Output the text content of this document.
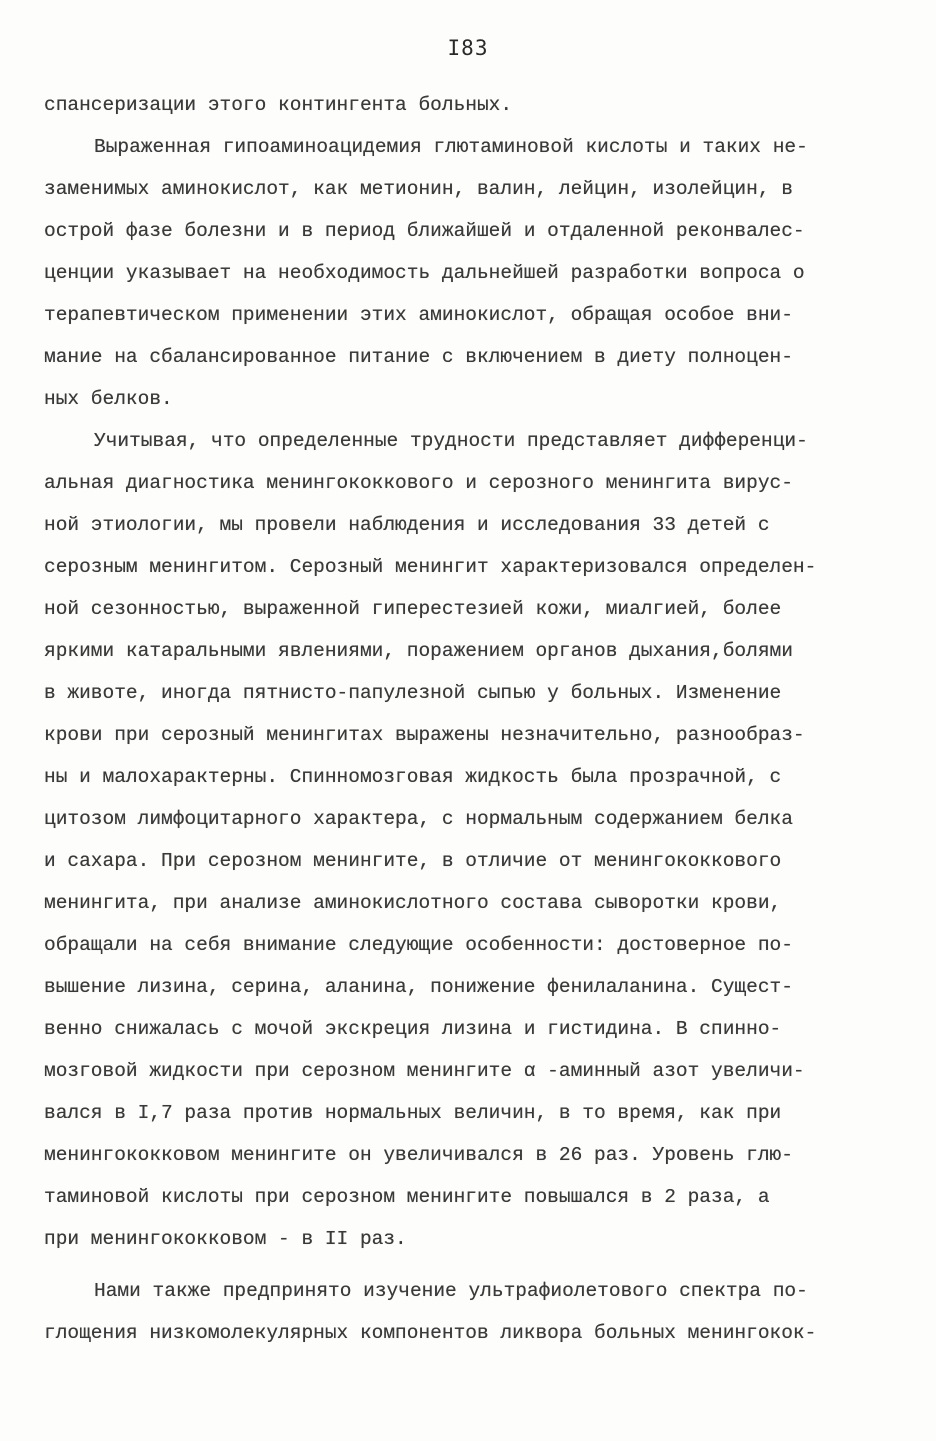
I83
спансеризации этого контингента больных.
Выраженная гипоаминоацидемия глютаминовой кислоты и таких не-
заменимых аминокислот, как метионин, валин, лейцин, изолейцин, в
острой фазе болезни и в период ближайшей и отдаленной реконвалес-
ценции указывает на необходимость дальнейшей разработки вопроса о
терапевтическом применении этих аминокислот, обращая особое вни-
мание на сбалансированное питание с включением в диету полноцен-
ных белков.
Учитывая, что определенные трудности представляет дифференци-
альная диагностика менингококкового и серозного менингита вирус-
ной этиологии, мы провели наблюдения и исследования 33 детей с
серозным менингитом. Серозный менингит характеризовался определен-
ной сезонностью, выраженной гиперестезией кожи, миалгией, более
яркими катаральными явлениями, поражением органов дыхания,болями
в животе, иногда пятнисто-папулезной сыпью у больных. Изменение
крови при серозный менингитах выражены незначительно, разнообраз-
ны и малохарактерны. Спинномозговая жидкость была прозрачной, с
цитозом лимфоцитарного характера, с нормальным содержанием белка
и сахара. При серозном менингите, в отличие от менингококкового
менингита, при анализе аминокислотного состава сыворотки крови,
обращали на себя внимание следующие особенности: достоверное по-
вышение лизина, серина, аланина, понижение фенилаланина. Сущест-
венно снижалась с мочой экскреция лизина и гистидина. В спинно-
мозговой жидкости при серозном менингите α -аминный азот увеличи-
вался в I,7 раза против нормальных величин, в то время, как при
менингококковом менингите он увеличивался в 26 раз. Уровень глю-
таминовой кислоты при серозном менингите повышался в 2 раза, а
при менингококковом - в II раз.
Нами также предпринято изучение ультрафиолетового спектра по-
глощения низкомолекулярных компонентов ликвора больных менингокок-
